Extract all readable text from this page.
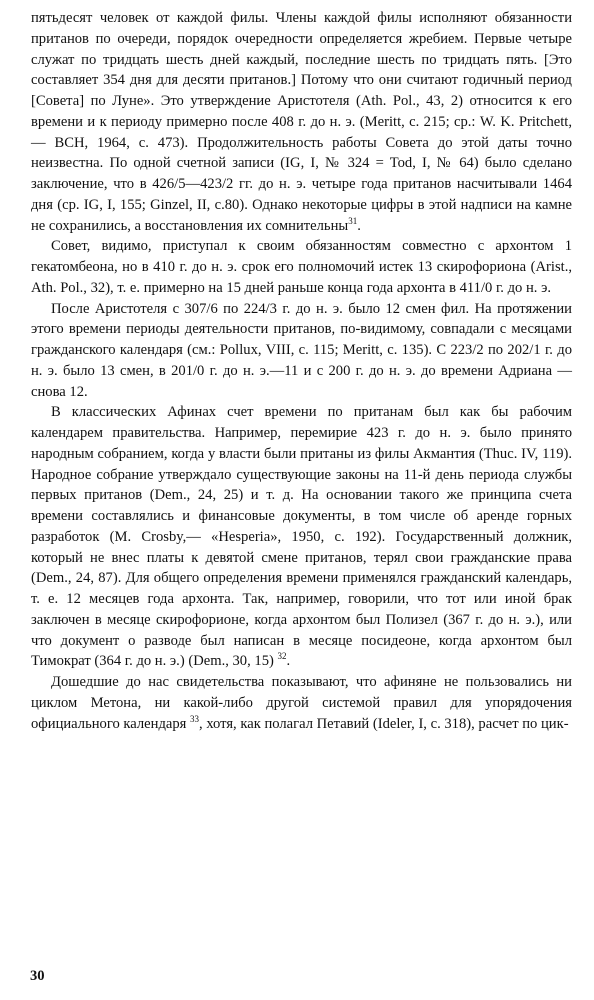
пятьдесят человек от каждой филы. Члены каждой филы исполняют обязанности пританов по очереди, порядок очередности определяется жребием. Первые четыре служат по тридцать шесть дней каждый, последние шесть по тридцать пять. [Это составляет 354 дня для десяти пританов.] Потому что они считают годичный период [Совета] по Луне». Это утверждение Аристотеля (Ath. Pol., 43, 2) относится к его времени и к периоду примерно после 408 г. до н. э. (Meritt, с. 215; ср.: W. K. Pritchett,— BCH, 1964, с. 473). Продолжительность работы Совета до этой даты точно неизвестна. По одной счетной записи (IG, I, № 324 = Tod, I, № 64) было сделано заключение, что в 426/5—423/2 гг. до н. э. четыре года пританов насчитывали 1464 дня (ср. IG, I, 155; Ginzel, II, с.80). Однако некоторые цифры в этой надписи на камне не сохранились, а восстановления их сомнительны$^{31}$.

Совет, видимо, приступал к своим обязанностям совместно с архонтом 1 гекатомбеона, но в 410 г. до н. э. срок его полномочий истек 13 скирофориона (Arist., Ath. Pol., 32), т. е. примерно на 15 дней раньше конца года архонта в 411/0 г. до н. э.

После Аристотеля с 307/6 по 224/3 г. до н. э. было 12 смен фил. На протяжении этого времени периоды деятельности пританов, по-видимому, совпадали с месяцами гражданского календаря (см.: Pollux, VIII, с. 115; Meritt, с. 135). С 223/2 по 202/1 г. до н. э. было 13 смен, в 201/0 г. до н. э.—11 и с 200 г. до н. э. до времени Адриана — снова 12.

В классических Афинах счет времени по пританам был как бы рабочим календарем правительства. Например, перемирие 423 г. до н. э. было принято народным собранием, когда у власти были пританы из филы Акмантия (Thuc. IV, 119). Народное собрание утверждало существующие законы на 11-й день периода службы первых пританов (Dem., 24, 25) и т. д. На основании такого же принципа счета времени составлялись и финансовые документы, в том числе об аренде горных разработок (M. Crosby,— «Hesperia», 1950, с. 192). Государственный должник, который не внес платы к девятой смене пританов, терял свои гражданские права (Dem., 24, 87). Для общего определения времени применялся гражданский календарь, т. е. 12 месяцев года архонта. Так, например, говорили, что тот или иной брак заключен в месяце скирофорионе, когда архонтом был Полизел (367 г. до н. э.), или что документ о разводе был написан в месяце посидеоне, когда архонтом был Тимократ (364 г. до н. э.) (Dem., 30, 15) $^{32}$.

Дошедшие до нас свидетельства показывают, что афиняне не пользовались ни циклом Метона, ни какой-либо другой системой правил для упорядочения официального календаря $^{33}$, хотя, как полагал Петавий (Ideler, I, с. 318), расчет по цик-

30
